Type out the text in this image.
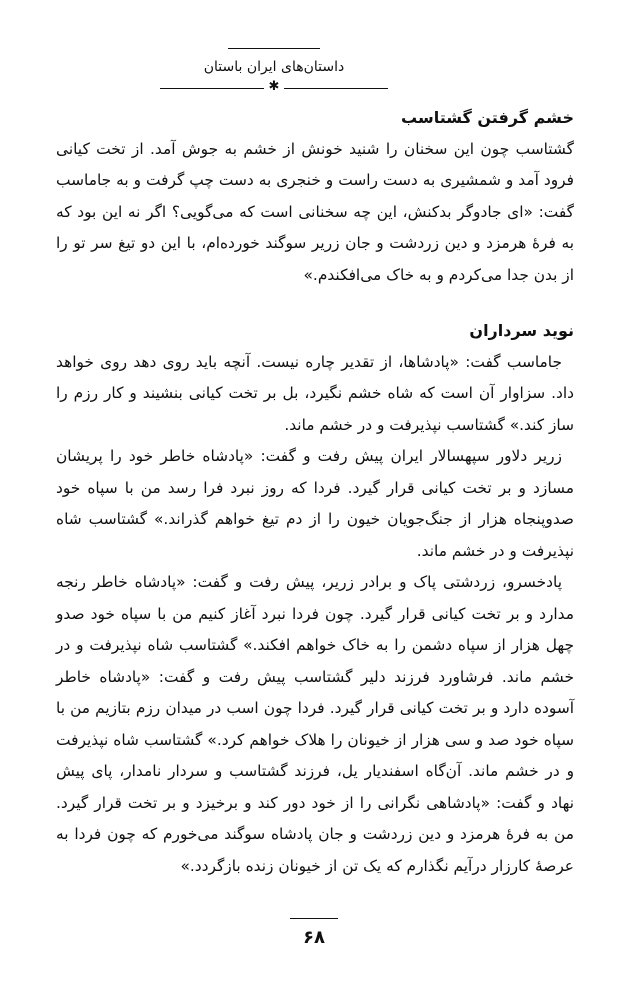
داستان‌های ایران باستان
✱
خشم گرفتن گشتاسب

گشتاسب چون این سخنان را شنید خونش از خشم به جوش آمد. از تخت کیانی فرود آمد و شمشیری به دست راست و خنجری به دست چپ گرفت و به جاماسب گفت: «ای جادوگر بدکنش، این چه سخنانی است که می‌گویی؟ اگر نه این بود که به فرهٔ هرمزد و دین زردشت و جان زریر سوگند خورده‌ام، با این دو تیغ سر تو را از بدن جدا می‌کردم و به خاک می‌افکندم.»

نوید سرداران

جاماسب گفت: «پادشاها، از تقدیر چاره نیست. آنچه باید روی دهد روی خواهد داد. سزاوار آن است که شاه خشم نگیرد، بل بر تخت کیانی بنشیند و کار رزم را ساز کند.» گشتاسب نپذیرفت و در خشم ماند.

زریر دلاور سپهسالار ایران پیش رفت و گفت: «پادشاه خاطر خود را پریشان مسازد و بر تخت کیانی قرار گیرد. فردا که روز نبرد فرا رسد من با سپاه خود صدوپنجاه هزار از جنگ‌جویان خیون را از دم تیغ خواهم گذراند.» گشتاسب شاه نپذیرفت و در خشم ماند.

پادخسرو، زردشتی پاک و برادر زریر، پیش رفت و گفت: «پادشاه خاطر رنجه مدارد و بر تخت کیانی قرار گیرد. چون فردا نبرد آغاز کنیم من با سپاه خود صدو چهل هزار از سپاه دشمن را به خاک خواهم افکند.» گشتاسب شاه نپذیرفت و در خشم ماند. فرشاورد فرزند دلیر گشتاسب پیش رفت و گفت: «پادشاه خاطر آسوده دارد و بر تخت کیانی قرار گیرد. فردا چون اسب در میدان رزم بتازیم من با سپاه خود صد و سی هزار از خیونان را هلاک خواهم کرد.» گشتاسب شاه نپذیرفت و در خشم ماند. آن‌گاه اسفندیار یل، فرزند گشتاسب و سردار نامدار، پای پیش نهاد و گفت: «پادشاهی نگرانی را از خود دور کند و برخیزد و بر تخت قرار گیرد. من به فرهٔ هرمزد و دین زردشت و جان پادشاه سوگند می‌خورم که چون فردا به عرصهٔ کارزار درآیم نگذارم که یک تن از خیونان زنده بازگردد.»

۶۸
